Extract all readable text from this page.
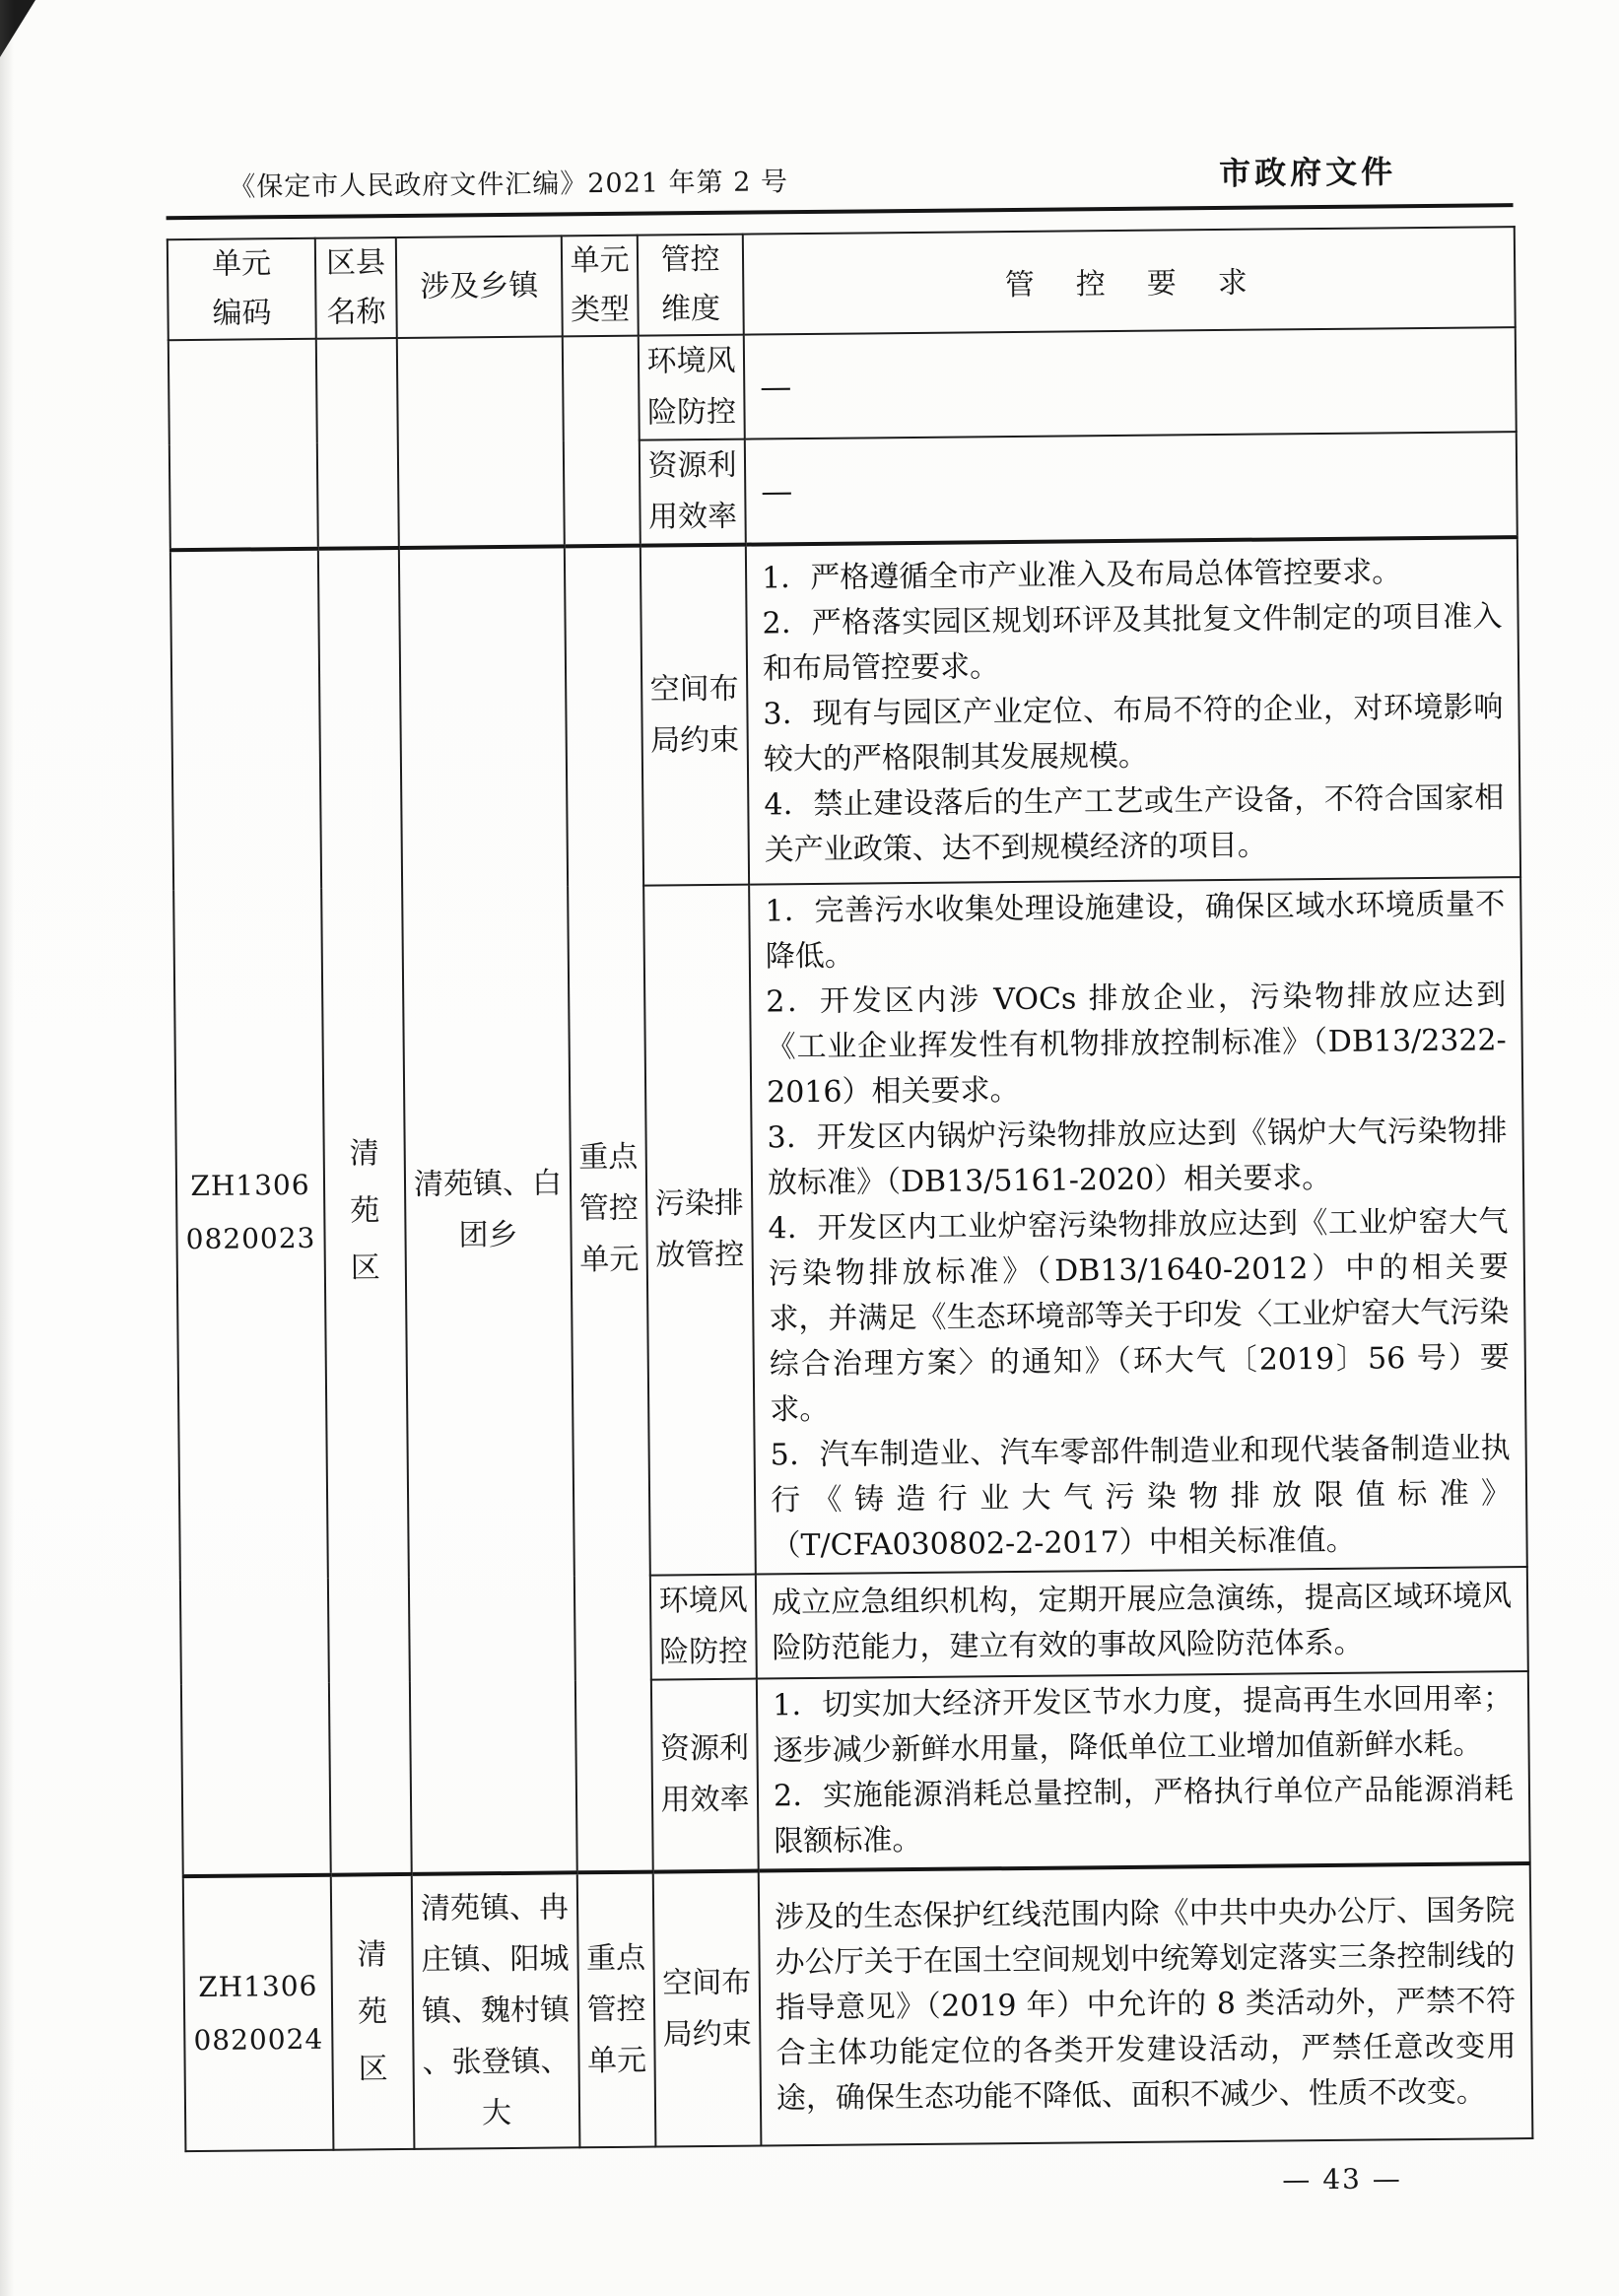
《保定市人民政府文件汇编》2021 年第 2 号	市政府文件
单元编码	区县名称	涉及乡镇	单元类型	管控维度	管　控　要　求

				环境风险防控	—

				资源利用效率	—

ZH13060820023	清苑区	清苑镇、白团乡	重点管控单元	空间布局约束	1．严格遵循全市产业准入及布局总体管控要求。
2．严格落实园区规划环评及其批复文件制定的项目准入和布局管控要求。
3．现有与园区产业定位、布局不符的企业，对环境影响较大的严格限制其发展规模。
4．禁止建设落后的生产工艺或生产设备，不符合国家相关产业政策、达不到规模经济的项目。

				污染排放管控	1．完善污水收集处理设施建设，确保区域水环境质量不降低。
2．开发区内涉 VOCs 排放企业，污染物排放应达到《工业企业挥发性有机物排放控制标准》（DB13/2322-2016）相关要求。
3．开发区内锅炉污染物排放应达到《锅炉大气污染物排放标准》（DB13/5161-2020）相关要求。
4．开发区内工业炉窑污染物排放应达到《工业炉窑大气污染物排放标准》（DB13/1640-2012）中的相关要求，并满足《生态环境部等关于印发〈工业炉窑大气污染综合治理方案〉的通知》（环大气〔2019〕56 号）要求。
5．汽车制造业、汽车零部件制造业和现代装备制造业执行《铸造行业大气污染物排放限值标准》（T/CFA030802-2-2017）中相关标准值。

				环境风险防控	成立应急组织机构，定期开展应急演练，提高区域环境风险防范能力，建立有效的事故风险防范体系。

				资源利用效率	1．切实加大经济开发区节水力度，提高再生水回用率；逐步减少新鲜水用量，降低单位工业增加值新鲜水耗。
2．实施能源消耗总量控制，严格执行单位产品能源消耗限额标准。

ZH13060820024	清苑区	清苑镇、冉庄镇、阳城镇、魏村镇、张登镇、大	重点管控单元	空间布局约束	涉及的生态保护红线范围内除《中共中央办公厅、国务院办公厅关于在国土空间规划中统筹划定落实三条控制线的指导意见》（2019 年）中允许的 8 类活动外，严禁不符合主体功能定位的各类开发建设活动，严禁任意改变用途，确保生态功能不降低、面积不减少、性质不改变。
— 43 —
